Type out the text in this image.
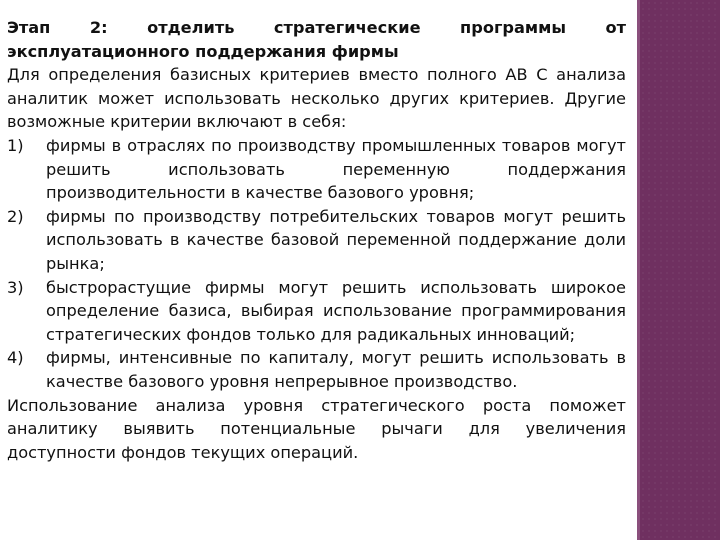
Этап 2: отделить стратегические программы от эксплуатационного поддержания фирмы

Для определения базисных критериев вместо полного AB C анализа аналитик может использовать несколько других критериев. Другие возможные критерии включают в себя:

1) фирмы в отраслях по производству промышленных товаров могут решить использовать переменную поддержания производительности в качестве базового уровня;
2) фирмы по производству потребительских товаров могут решить использовать в качестве базовой переменной поддержание доли рынка;
3) быстрорастущие фирмы могут решить использовать широкое определение базиса, выбирая использование программирования стратегических фондов только для радикальных инноваций;
4) фирмы, интенсивные по капиталу, могут решить использовать в качестве базового уровня непрерывное производство.

Использование анализа уровня стратегического роста поможет аналитику выявить потенциальные рычаги для увеличения доступности фондов текущих операций.
